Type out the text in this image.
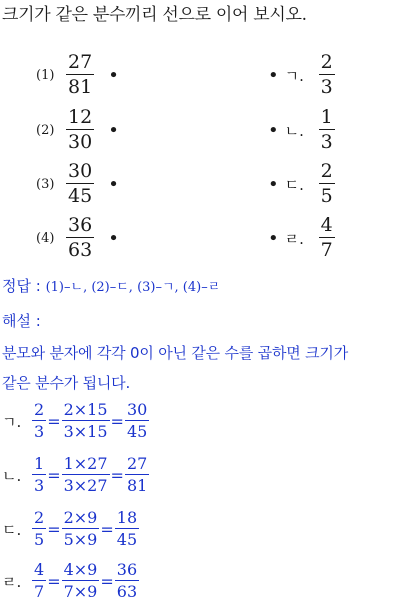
크기가 같은 분수끼리 선으로 이어 보시오.
$(1) \frac{27}{81}$ •
$(2) \frac{12}{30}$ •
$(3) \frac{30}{45}$ •
$(4) \frac{36}{63}$ •
• ㄱ. $\frac{2}{3}$
• ㄴ. $\frac{1}{3}$
• ㄷ. $\frac{2}{5}$
• ㄹ. $\frac{4}{7}$
정답 : (1)–ㄴ, (2)–ㄷ, (3)–ㄱ, (4)–ㄹ
해설 :
분모와 분자에 각각 0이 아닌 같은 수를 곱하면 크기가
같은 분수가 됩니다.
ㄱ. $\frac{2}{3} = \frac{2\times 15}{3\times 15} = \frac{30}{45}$
ㄴ. $\frac{1}{3} = \frac{1\times 27}{3\times 27} = \frac{27}{81}$
ㄷ. $\frac{2}{5} = \frac{2\times 9}{5\times 9} = \frac{18}{45}$
ㄹ. $\frac{4}{7} = \frac{4\times 9}{7\times 9} = \frac{36}{63}$
